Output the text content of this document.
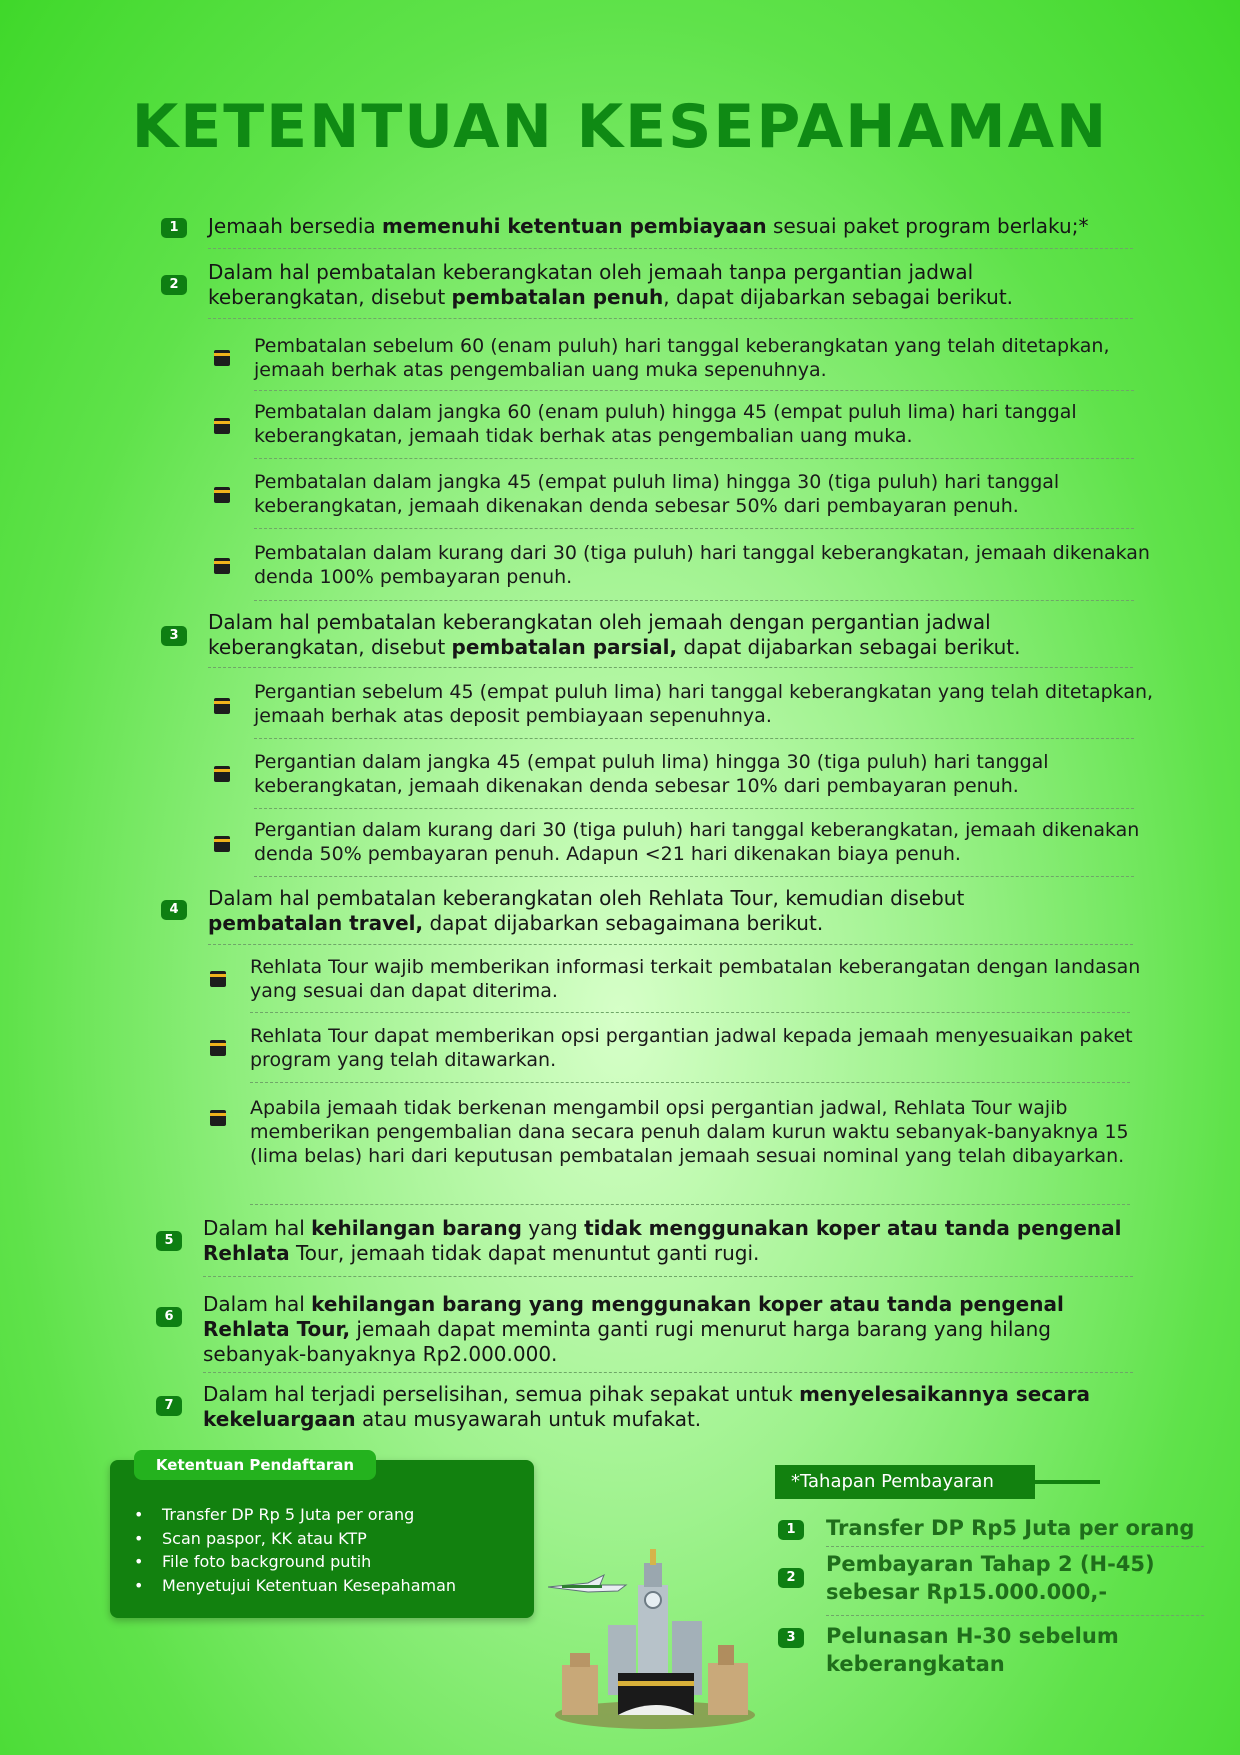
KETENTUAN KESEPAHAMAN
1	Jemaah bersedia memenuhi ketentuan pembiayaan sesuai paket program berlaku;*
2
Dalam hal pembatalan keberangkatan oleh jemaah tanpa pergantian jadwal keberangkatan, disebut pembatalan penuh, dapat dijabarkan sebagai berikut.
Pembatalan sebelum 60 (enam puluh) hari tanggal keberangkatan yang telah ditetapkan, jemaah berhak atas pengembalian uang muka sepenuhnya.
Pembatalan dalam jangka 60 (enam puluh) hingga 45 (empat puluh lima) hari tanggal keberangkatan, jemaah tidak berhak atas pengembalian uang muka.
Pembatalan dalam jangka 45 (empat puluh lima) hingga 30 (tiga puluh) hari tanggal keberangkatan, jemaah dikenakan denda sebesar 50% dari pembayaran penuh.
Pembatalan dalam kurang dari 30 (tiga puluh) hari tanggal keberangkatan, jemaah dikenakan denda 100% pembayaran penuh.
3
Dalam hal pembatalan keberangkatan oleh jemaah dengan pergantian jadwal keberangkatan, disebut pembatalan parsial, dapat dijabarkan sebagai berikut.
Pergantian sebelum 45 (empat puluh lima) hari tanggal keberangkatan yang telah ditetapkan, jemaah berhak atas deposit pembiayaan sepenuhnya.
Pergantian dalam jangka 45 (empat puluh lima) hingga 30 (tiga puluh) hari tanggal keberangkatan, jemaah dikenakan denda sebesar 10% dari pembayaran penuh.
Pergantian dalam kurang dari 30 (tiga puluh) hari tanggal keberangkatan, jemaah dikenakan denda 50% pembayaran penuh. Adapun <21 hari dikenakan biaya penuh.
4	Dalam hal pembatalan keberangkatan oleh Rehlata Tour, kemudian disebut pembatalan travel, dapat dijabarkan sebagaimana berikut.
Rehlata Tour wajib memberikan informasi terkait pembatalan keberangatan dengan landasan yang sesuai dan dapat diterima.
Rehlata Tour dapat memberikan opsi pergantian jadwal kepada jemaah menyesuaikan paket program yang telah ditawarkan.
Apabila jemaah tidak berkenan mengambil opsi pergantian jadwal, Rehlata Tour wajib memberikan pengembalian dana secara penuh dalam kurun waktu sebanyak-banyaknya 15 (lima belas) hari dari keputusan pembatalan jemaah sesuai nominal yang telah dibayarkan.
5
Dalam hal kehilangan barang yang tidak menggunakan koper atau tanda pengenal Rehlata Tour, jemaah tidak dapat menuntut ganti rugi.
6
Dalam hal kehilangan barang yang menggunakan koper atau tanda pengenal Rehlata Tour, jemaah dapat meminta ganti rugi menurut harga barang yang hilang sebanyak-banyaknya Rp2.000.000.
7	Dalam hal terjadi perselisihan, semua pihak sepakat untuk menyelesaikannya secara kekeluargaan atau musyawarah untuk mufakat.
Ketentuan Pendaftaran
• Transfer DP Rp 5 Juta per orang
• Scan paspor, KK atau KTP
• File foto background putih
• Menyetujui Ketentuan Kesepahaman
*Tahapan Pembayaran
1	Transfer DP Rp5 Juta per orang
2
Pembayaran Tahap 2 (H-45) sebesar Rp15.000.000,-
3	Pelunasan H-30 sebelum keberangkatan
